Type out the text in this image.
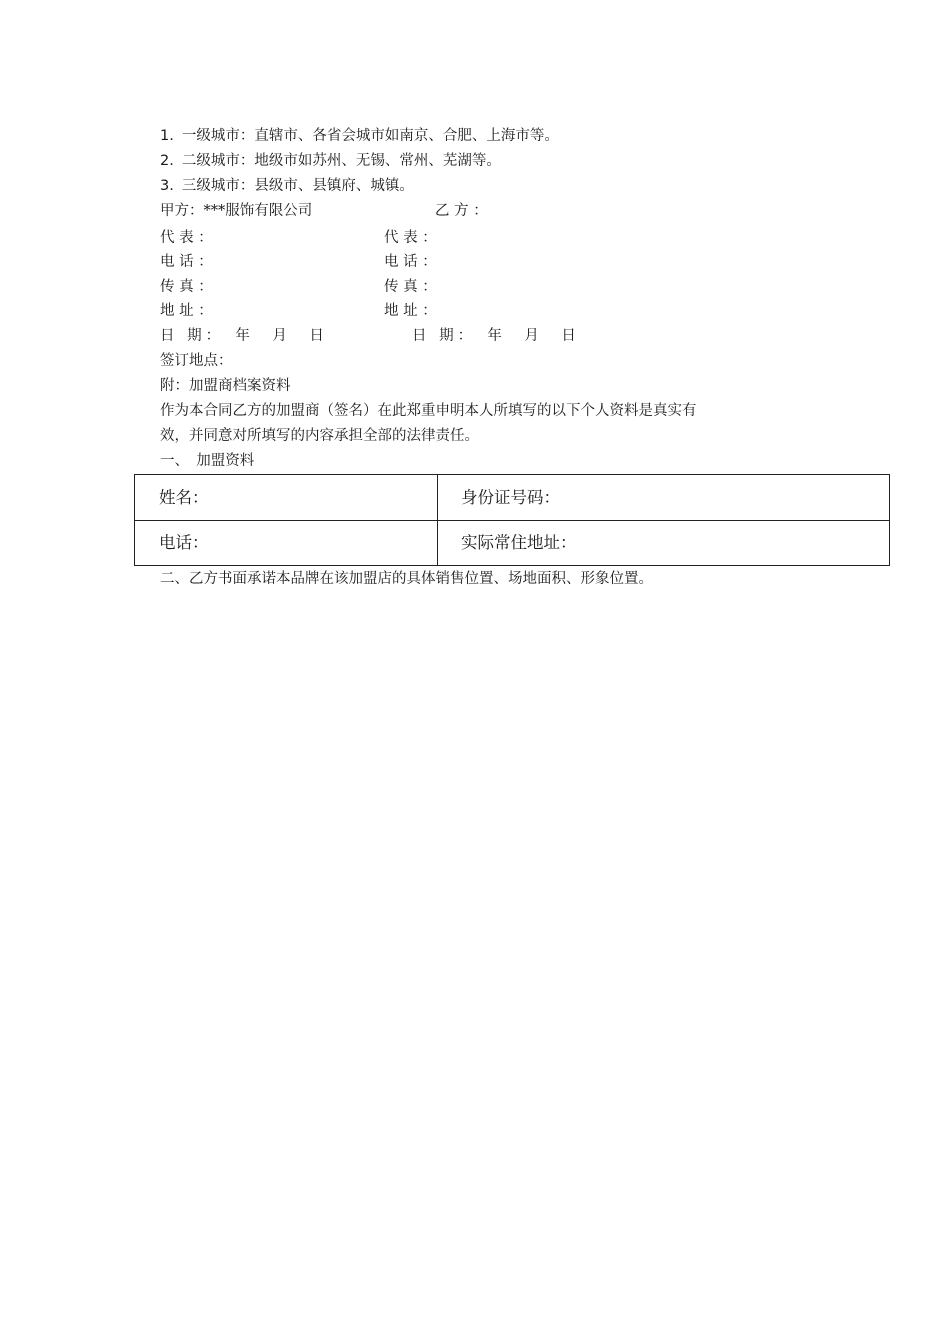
1. 一级城市：直辖市、各省会城市如南京、合肥、上海市等。
2. 二级城市：地级市如苏州、无锡、常州、芜湖等。
3. 三级城市：县级市、县镇府、城镇。
甲方：***服饰有限公司	乙 方 ：
代 表 ：	代 表 ：
电 话 ：	电 话 ：
传 真 ：	传 真 ：
地 址 ：	地 址 ：
日 期：　年　月　日	日 期：　年　月　日
签订地点：
附：加盟商档案资料
作为本合同乙方的加盟商（签名）在此郑重申明本人所填写的以下个人资料是真实有
效，并同意对所填写的内容承担全部的法律责任。
一、　加盟资料
姓名：	身份证号码：
电话：	实际常住地址：
二、乙方书面承诺本品牌在该加盟店的具体销售位置、场地面积、形象位置。
